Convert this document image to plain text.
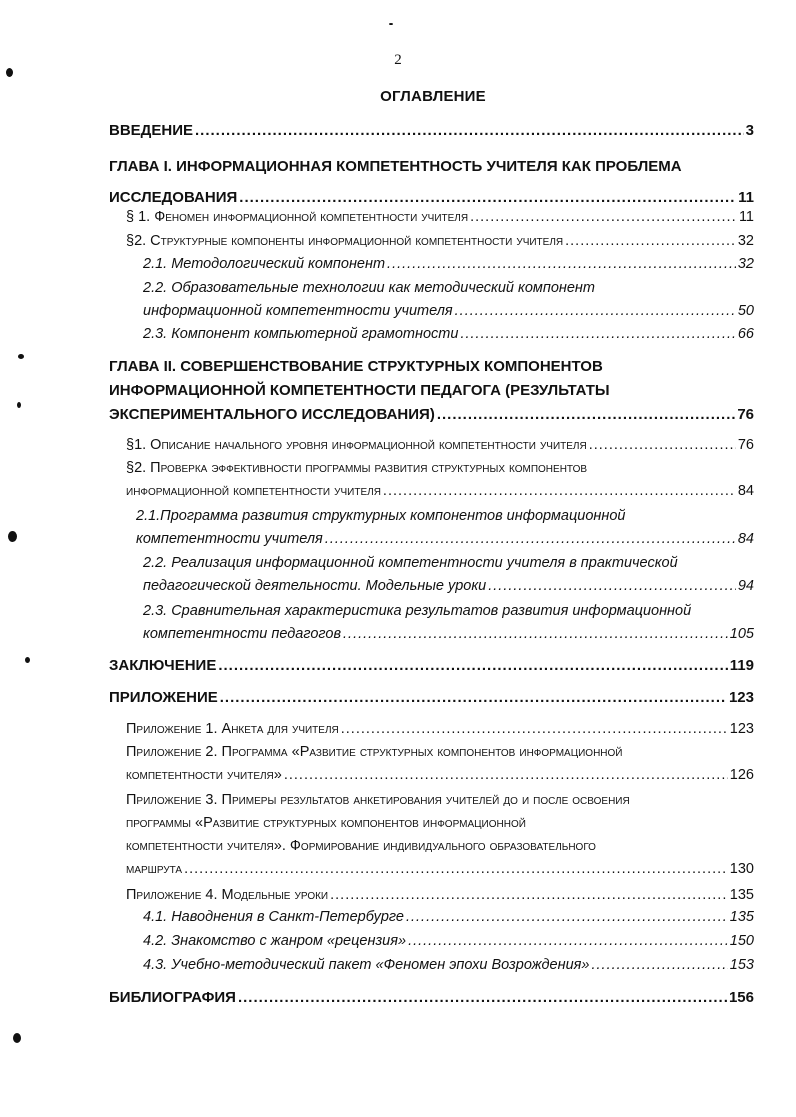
2
ОГЛАВЛЕНИЕ
ВВЕДЕНИЕ .....	3
ГЛАВА I. ИНФОРМАЦИОННАЯ КОМПЕТЕНТНОСТЬ УЧИТЕЛЯ КАК ПРОБЛЕМА
ИССЛЕДОВАНИЯ .....	11
§ 1. Феномен информационной компетентности учителя .....	11
§2. Структурные компоненты информационной компетентности учителя .....	32
2.1. Методологический компонент .....	32
2.2. Образовательные технологии как методический компонент
информационной компетентности учителя .....	50
2.3. Компонент компьютерной грамотности .....	66
ГЛАВА II. СОВЕРШЕНСТВОВАНИЕ СТРУКТУРНЫХ КОМПОНЕНТОВ
ИНФОРМАЦИОННОЙ КОМПЕТЕНТНОСТИ ПЕДАГОГА (РЕЗУЛЬТАТЫ
ЭКСПЕРИМЕНТАЛЬНОГО ИССЛЕДОВАНИЯ) .....	76
§1. Описание начального уровня информационной компетентности учителя .....	76
§2. Проверка эффективности программы развития структурных компонентов
информационной компетентности учителя .....	84
2.1.Программа развития структурных компонентов информационной
компетентности учителя .....	84
2.2. Реализация информационной компетентности учителя в практической
педагогической деятельности. Модельные уроки .....	94
2.3. Сравнительная характеристика результатов развития информационной
компетентности педагогов .....	105
ЗАКЛЮЧЕНИЕ .....	119
ПРИЛОЖЕНИЕ .....	123
Приложение 1. Анкета для учителя .....	123
Приложение 2. Программа «Развитие структурных компонентов информационной
компетентности учителя» .....	126
Приложение 3. Примеры результатов анкетирования учителей до и после освоения
программы «Развитие структурных компонентов информационной
компетентности учителя». Формирование индивидуального образовательного
маршрута .....	130
Приложение 4. Модельные уроки .....	135
4.1. Наводнения в Санкт-Петербурге .....	135
4.2. Знакомство с жанром «рецензия» .....	150
4.3. Учебно-методический пакет «Феномен эпохи Возрождения» .....	153
БИБЛИОГРАФИЯ .....	156
